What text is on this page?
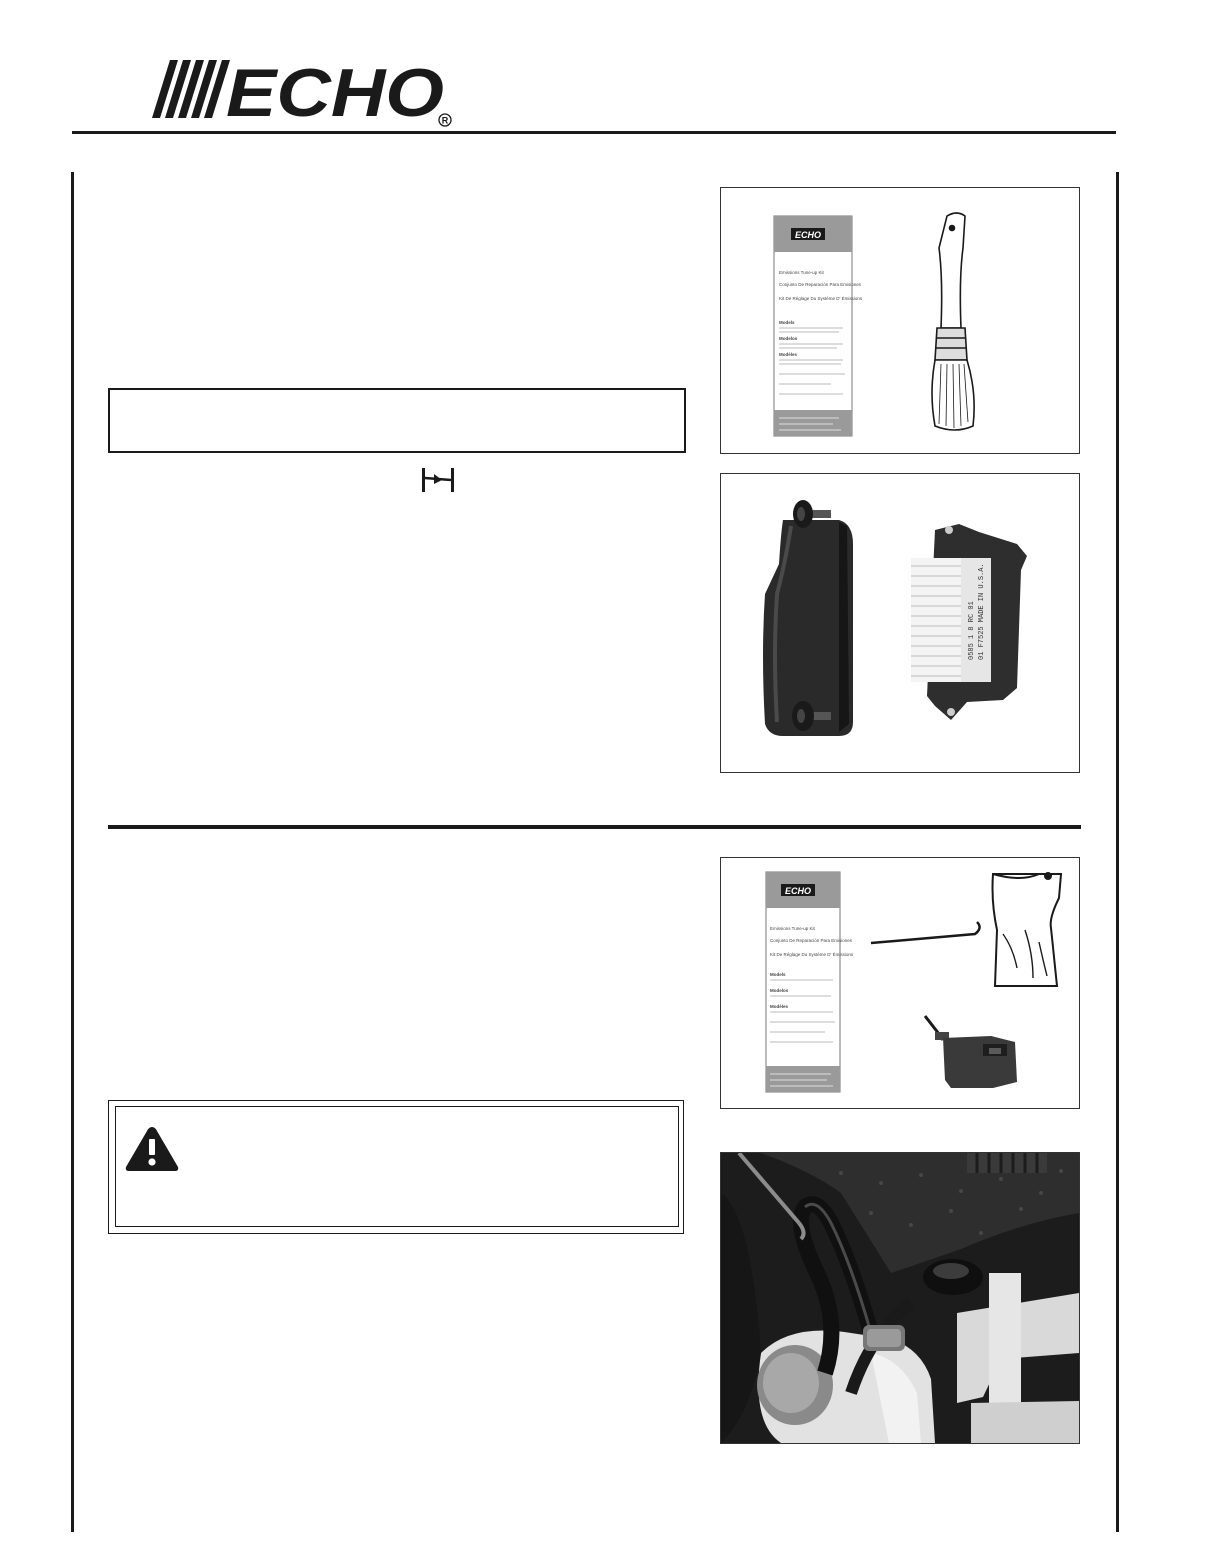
ECHO
R
ECHO
Emissions Tune-up Kit
Conjunto De Reparación Para Emisiones
Kit De Réglage Du Système D' Émissions
Models
Modelos
Modèles
0585 1 8 RC 01 01 F7525 MADE IN U.S.A.
ECHO
Emissions Tune-up Kit
Conjunto De Reparación Para Emisiones
Kit De Réglage Du Système D' Émissions
Models
Modelos
Modèles
